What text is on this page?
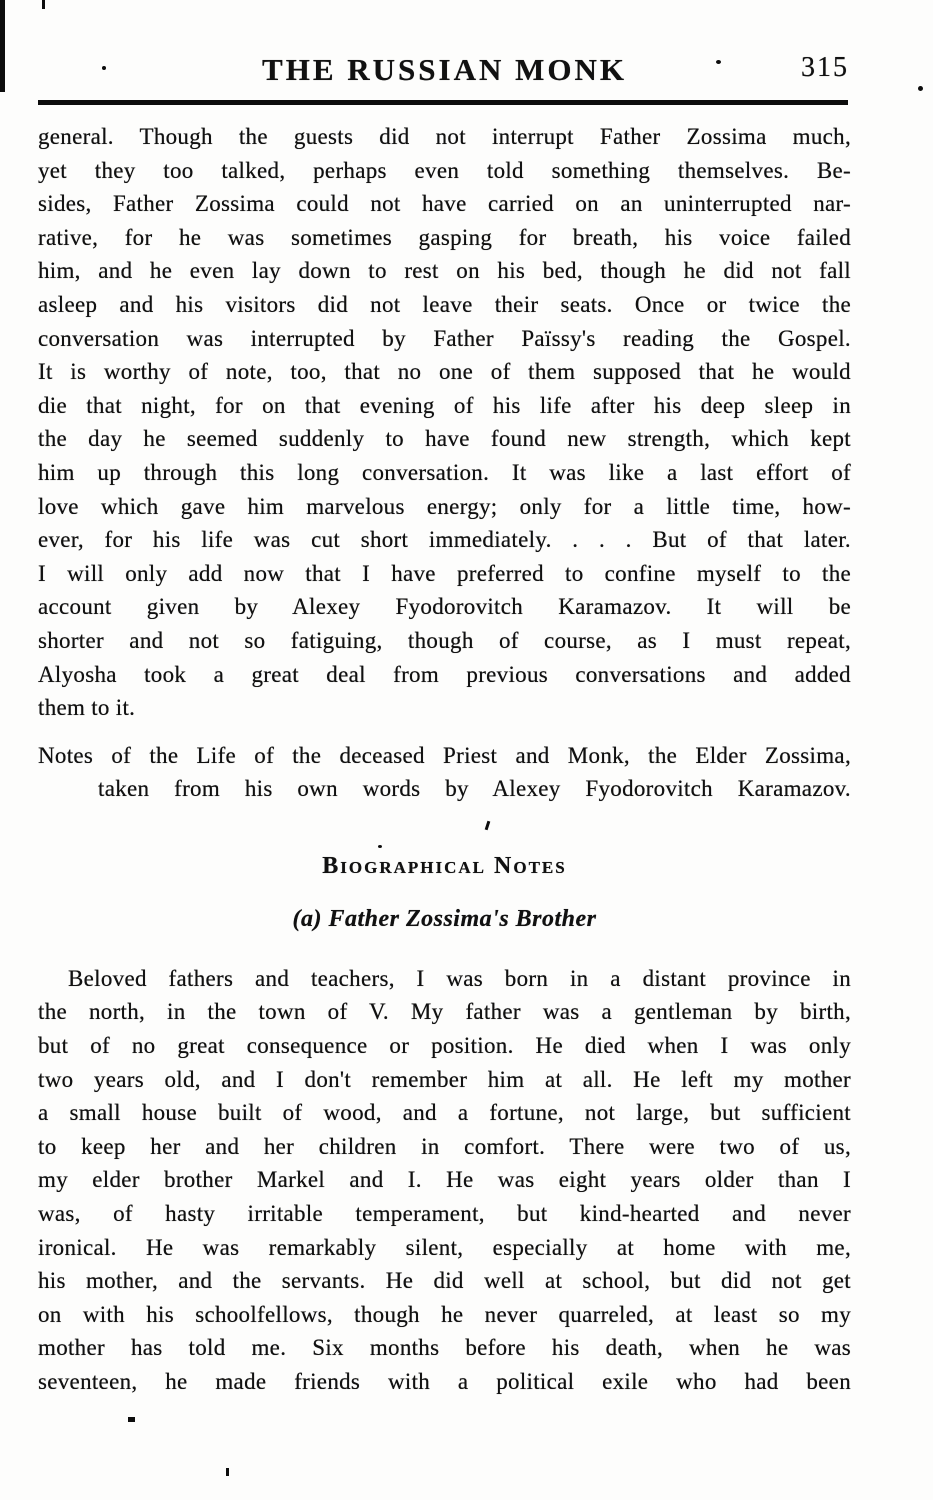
THE RUSSIAN MONK	315
general. Though the guests did not interrupt Father Zossima much,
yet they too talked, perhaps even told something themselves. Be-
sides, Father Zossima could not have carried on an uninterrupted nar-
rative, for he was sometimes gasping for breath, his voice failed
him, and he even lay down to rest on his bed, though he did not fall
asleep and his visitors did not leave their seats. Once or twice the
conversation was interrupted by Father Païssy's reading the Gospel.
It is worthy of note, too, that no one of them supposed that he would
die that night, for on that evening of his life after his deep sleep in
the day he seemed suddenly to have found new strength, which kept
him up through this long conversation. It was like a last effort of
love which gave him marvelous energy; only for a little time, how-
ever, for his life was cut short immediately. . . . But of that later.
I will only add now that I have preferred to confine myself to the
account given by Alexey Fyodorovitch Karamazov. It will be
shorter and not so fatiguing, though of course, as I must repeat,
Alyosha took a great deal from previous conversations and added
them to it.
Notes of the Life of the deceased Priest and Monk, the Elder Zossima,
taken from his own words by Alexey Fyodorovitch Karamazov.
Biographical Notes
(a) Father Zossima's Brother
Beloved fathers and teachers, I was born in a distant province in
the north, in the town of V. My father was a gentleman by birth,
but of no great consequence or position. He died when I was only
two years old, and I don't remember him at all. He left my mother
a small house built of wood, and a fortune, not large, but sufficient
to keep her and her children in comfort. There were two of us,
my elder brother Markel and I. He was eight years older than I
was, of hasty irritable temperament, but kind-hearted and never
ironical. He was remarkably silent, especially at home with me,
his mother, and the servants. He did well at school, but did not get
on with his schoolfellows, though he never quarreled, at least so my
mother has told me. Six months before his death, when he was
seventeen, he made friends with a political exile who had been
